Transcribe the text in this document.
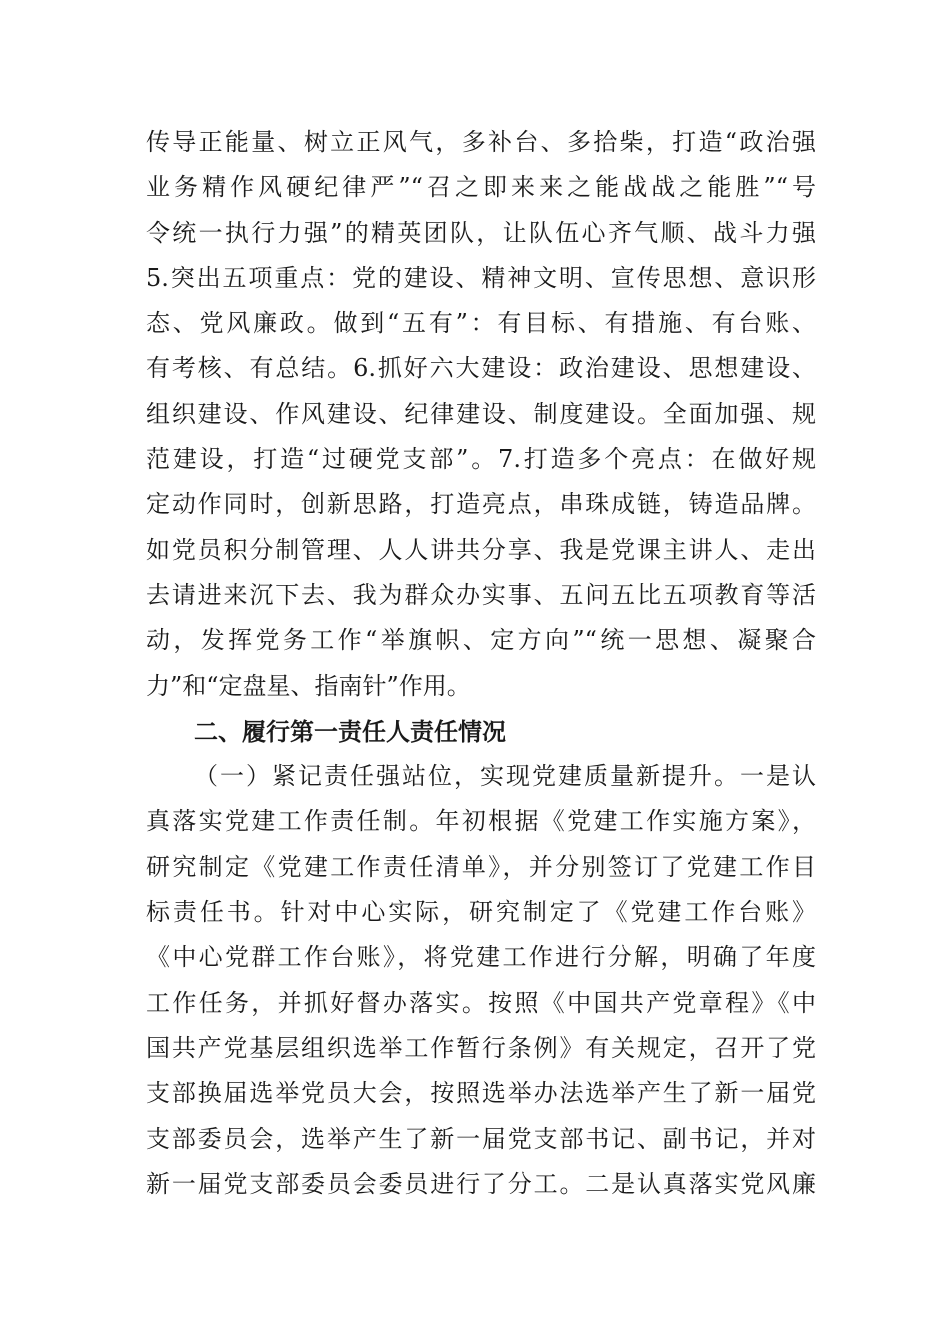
传导正能量、树立正风气，多补台、多拾柴，打造“政治强
业务精作风硬纪律严”“召之即来来之能战战之能胜”“号
令统一执行力强”的精英团队，让队伍心齐气顺、战斗力强
5.突出五项重点：党的建设、精神文明、宣传思想、意识形
态、党风廉政。做到“五有”：有目标、有措施、有台账、
有考核、有总结。6.抓好六大建设：政治建设、思想建设、
组织建设、作风建设、纪律建设、制度建设。全面加强、规
范建设，打造“过硬党支部”。7.打造多个亮点：在做好规
定动作同时，创新思路，打造亮点，串珠成链，铸造品牌。
如党员积分制管理、人人讲共分享、我是党课主讲人、走出
去请进来沉下去、我为群众办实事、五问五比五项教育等活
动，发挥党务工作“举旗帜、定方向”“统一思想、凝聚合
力”和“定盘星、指南针”作用。
二、履行第一责任人责任情况
（一）紧记责任强站位，实现党建质量新提升。一是认
真落实党建工作责任制。年初根据《党建工作实施方案》，
研究制定《党建工作责任清单》，并分别签订了党建工作目
标责任书。针对中心实际，研究制定了《党建工作台账》
《中心党群工作台账》，将党建工作进行分解，明确了年度
工作任务，并抓好督办落实。按照《中国共产党章程》《中
国共产党基层组织选举工作暂行条例》有关规定，召开了党
支部换届选举党员大会，按照选举办法选举产生了新一届党
支部委员会，选举产生了新一届党支部书记、副书记，并对
新一届党支部委员会委员进行了分工。二是认真落实党风廉
